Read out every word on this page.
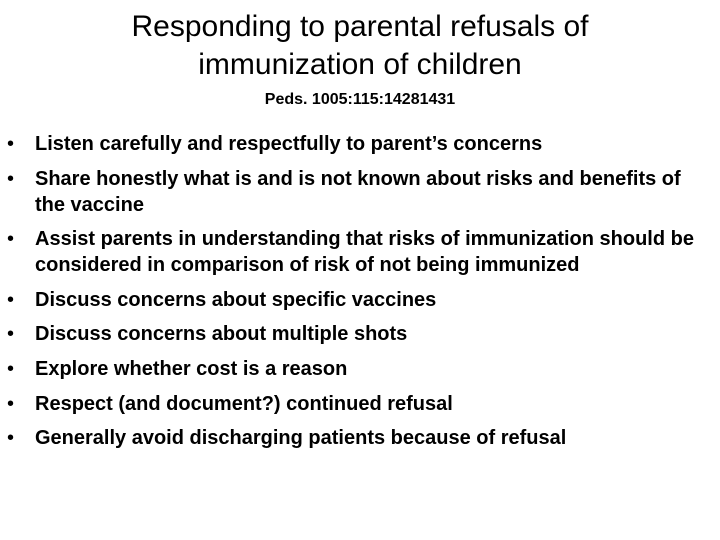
Responding to parental refusals of immunization of children
Peds. 1005:115:14281431
• Listen carefully and respectfully to parent’s concerns
• Share honestly what is and is not known about risks and benefits of the vaccine
• Assist parents in understanding that risks of immunization should be considered in comparison of risk of not being immunized
• Discuss concerns about specific vaccines
• Discuss concerns about multiple shots
• Explore whether cost is a reason
• Respect (and document?) continued refusal
• Generally avoid discharging patients because of refusal
